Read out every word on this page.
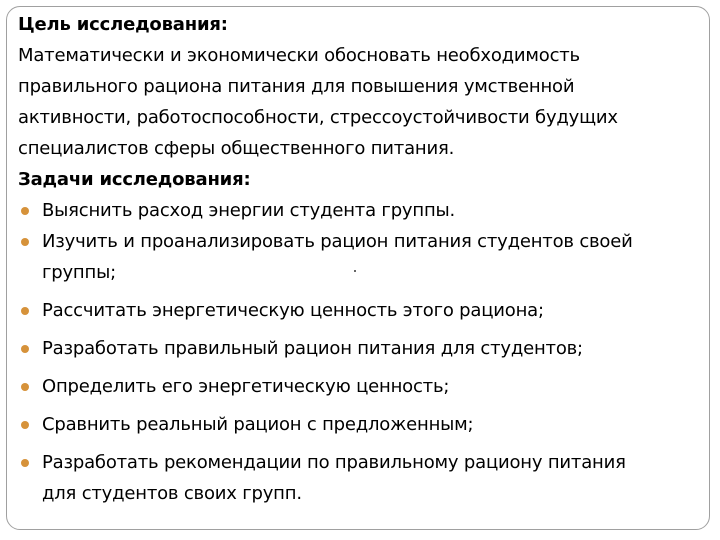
Цель исследования:

Математически и экономически обосновать необходимость
правильного рациона питания для повышения умственной
активности, работоспособности, стрессоустойчивости будущих
специалистов сферы общественного питания.

Задачи исследования:

Выяснить расход энергии студента группы.
Изучить и проанализировать рацион питания студентов своей
группы;
Рассчитать энергетическую ценность этого рациона;
Разработать правильный рацион питания для студентов;
Определить его энергетическую ценность;
Сравнить реальный рацион с предложенным;
Разработать рекомендации по правильному рациону питания
для студентов своих групп.
